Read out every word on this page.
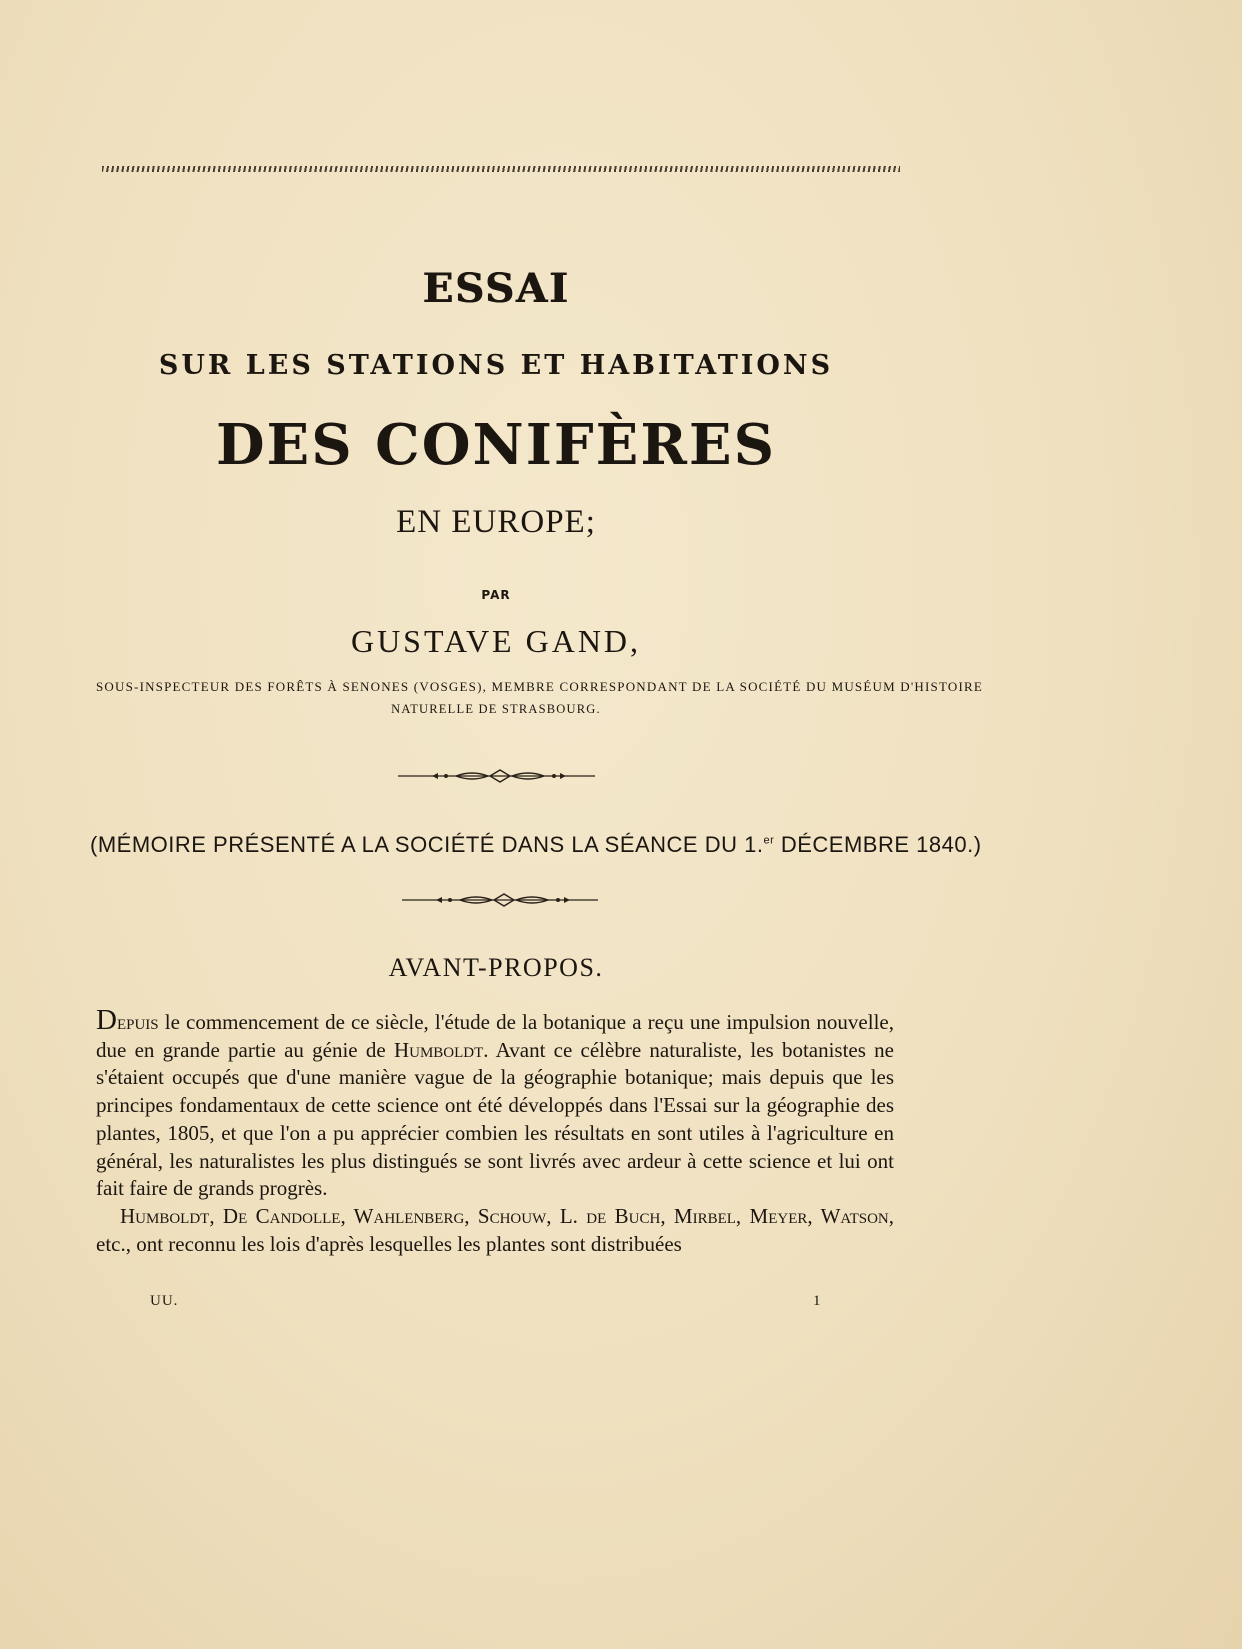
ESSAI
SUR LES STATIONS ET HABITATIONS
DES CONIFÈRES
EN EUROPE;
PAR
GUSTAVE GAND,
SOUS-INSPECTEUR DES FORÊTS À SENONES (VOSGES), MEMBRE CORRESPONDANT DE LA SOCIÉTÉ DU MUSÉUM D'HISTOIRE
NATURELLE DE STRASBOURG.
(MÉMOIRE PRÉSENTÉ A LA SOCIÉTÉ DANS LA SÉANCE DU 1.$^{er}$ DÉCEMBRE 1840.)
AVANT-PROPOS.

Depuis le commencement de ce siècle, l'étude de la botanique a reçu une impulsion nouvelle, due en grande partie au génie de Humboldt. Avant ce célèbre naturaliste, les botanistes ne s'étaient occupés que d'une manière vague de la géographie botanique; mais depuis que les principes fondamentaux de cette science ont été développés dans l'Essai sur la géographie des plantes, 1805, et que l'on a pu apprécier combien les résultats en sont utiles à l'agriculture en général, les naturalistes les plus distingués se sont livrés avec ardeur à cette science et lui ont fait faire de grands progrès.

Humboldt, De Candolle, Wahlenberg, Schouw, L. de Buch, Mirbel, Meyer, Watson, etc., ont reconnu les lois d'après lesquelles les plantes sont distribuées

UU.	1
